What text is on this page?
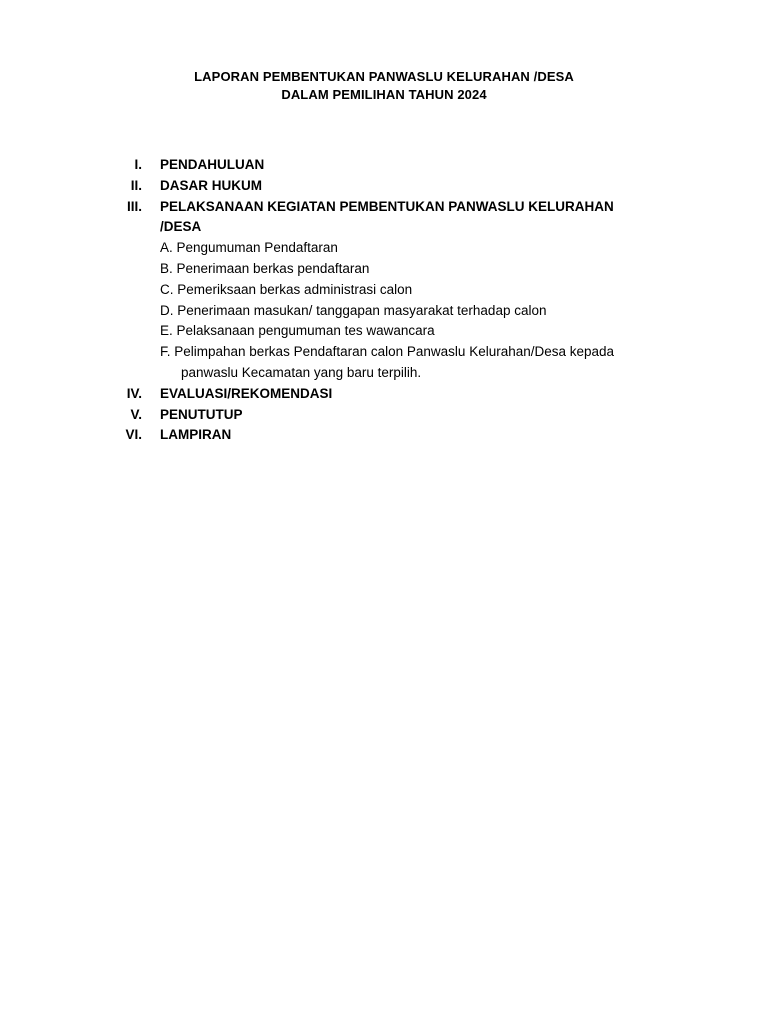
LAPORAN PEMBENTUKAN PANWASLU KELURAHAN /DESA
DALAM PEMILIHAN TAHUN 2024
I. PENDAHULUAN
II. DASAR HUKUM
III. PELAKSANAAN KEGIATAN PEMBENTUKAN PANWASLU KELURAHAN
/DESA
A. Pengumuman Pendaftaran
B. Penerimaan berkas pendaftaran
C. Pemeriksaan berkas administrasi calon
D. Penerimaan masukan/ tanggapan masyarakat terhadap calon
E. Pelaksanaan pengumuman tes wawancara
F. Pelimpahan berkas Pendaftaran calon Panwaslu Kelurahan/Desa kepada
panwaslu Kecamatan yang baru terpilih.
IV. EVALUASI/REKOMENDASI
V. PENUTUTUP
VI. LAMPIRAN
